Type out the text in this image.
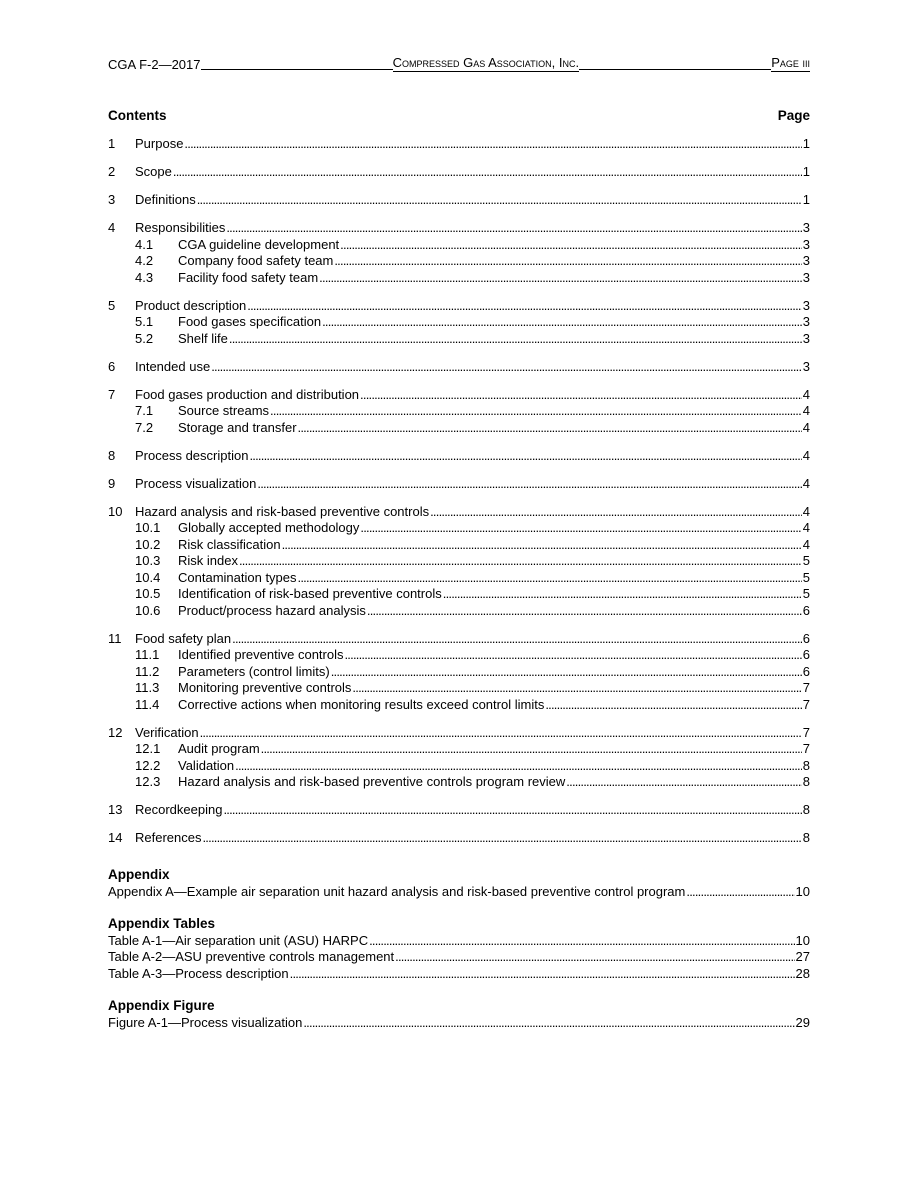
CGA F-2—2017	Compressed Gas Association, Inc.	Page iii
Contents	Page
1	Purpose . . .	1
2	Scope . . .	1
3	Definitions . . .	1
4	Responsibilities . . .	3
4.1	CGA guideline development . . .	3
4.2	Company food safety team . . .	3
4.3	Facility food safety team . . .	3
5	Product description . . .	3
5.1	Food gases specification . . .	3
5.2	Shelf life . . .	3
6	Intended use . . .	3
7	Food gases production and distribution . . .	4
7.1	Source streams . . .	4
7.2	Storage and transfer . . .	4
8	Process description . . .	4
9	Process visualization . . .	4
10 Hazard analysis and risk-based preventive controls . . .	4
10.1	Globally accepted methodology . . .	4
10.2	Risk classification . . .	4
10.3	Risk index . . .	5
10.4	Contamination types . . .	5
10.5	Identification of risk-based preventive controls . . .	5
10.6	Product/process hazard analysis . . .	6
11	Food safety plan . . .	6
11.1	Identified preventive controls . . .	6
11.2	Parameters (control limits) . . .	6
11.3	Monitoring preventive controls . . .	7
11.4	Corrective actions when monitoring results exceed control limits . . .	7
12 Verification . . .	7
12.1	Audit program . . .	7
12.2	Validation . . .	8
12.3	Hazard analysis and risk-based preventive controls program review . . .	8
13 Recordkeeping . . .	8
14 References . . .	8
Appendix
Appendix A—Example air separation unit hazard analysis and risk-based preventive control program . . .	10
Appendix Tables
Table A-1—Air separation unit (ASU) HARPC . . .	10
Table A-2—ASU preventive controls management . . .	27
Table A-3—Process description . . .	28
Appendix Figure
Figure A-1—Process visualization . . .	29
